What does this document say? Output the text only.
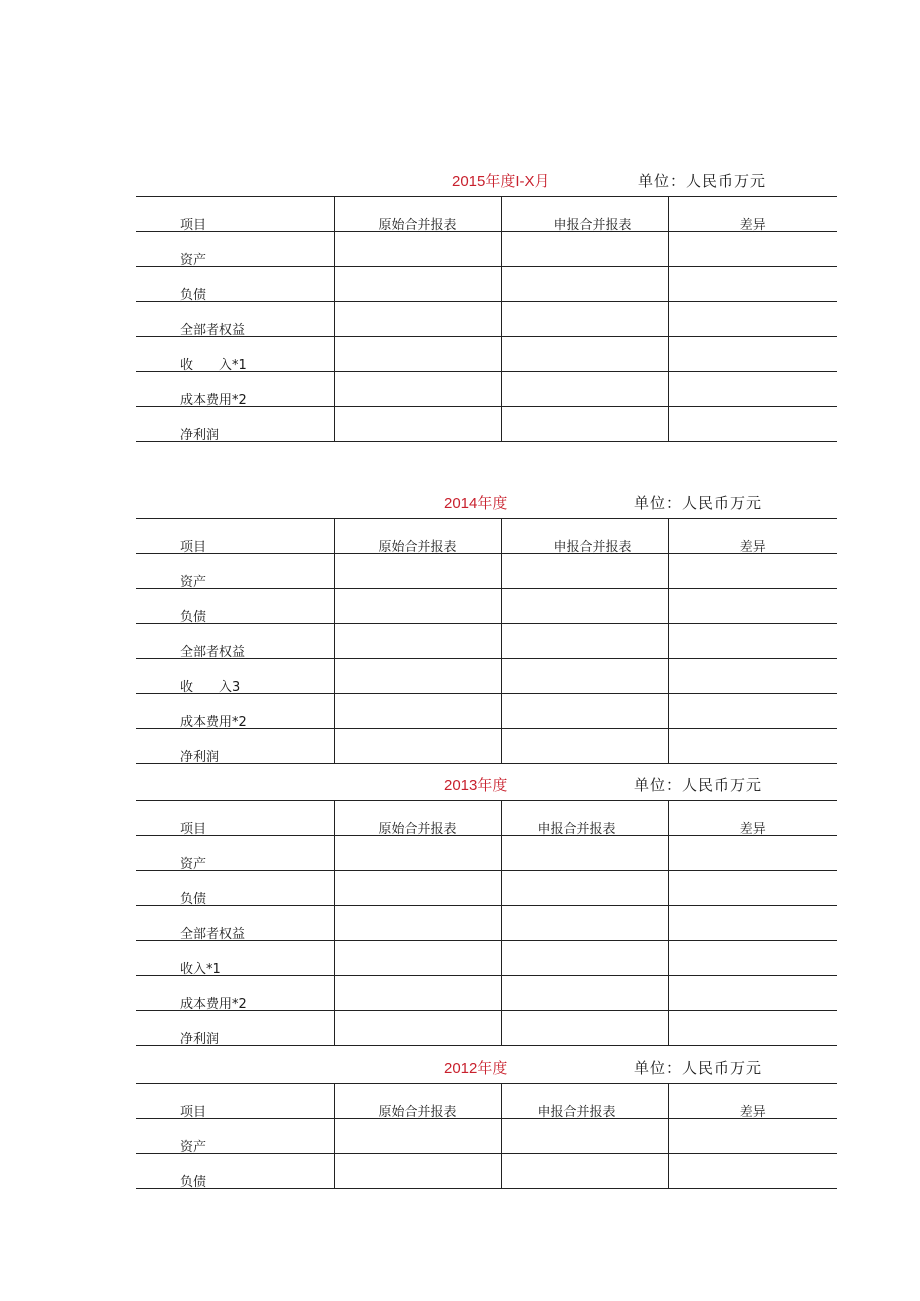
2015年度I-X月	单位：人民币万元
项目	原始合并报表	申报合并报表	差异
资产			
负债			
全部者权益			
收　　入*1			
成本费用*2			
净利润			
2014年度	单位：人民币万元
项目	原始合并报表	申报合并报表	差异
资产			
负债			
全部者权益			
收　　入3			
成本费用*2			
净利润			
2013年度	单位：人民币万元
项目	原始合并报表	申报合并报表	差异
资产			
负债			
全部者权益			
收入*1			
成本费用*2			
净利润			
2012年度	单位：人民币万元
项目	原始合并报表	申报合并报表	差异
资产			
负债			
